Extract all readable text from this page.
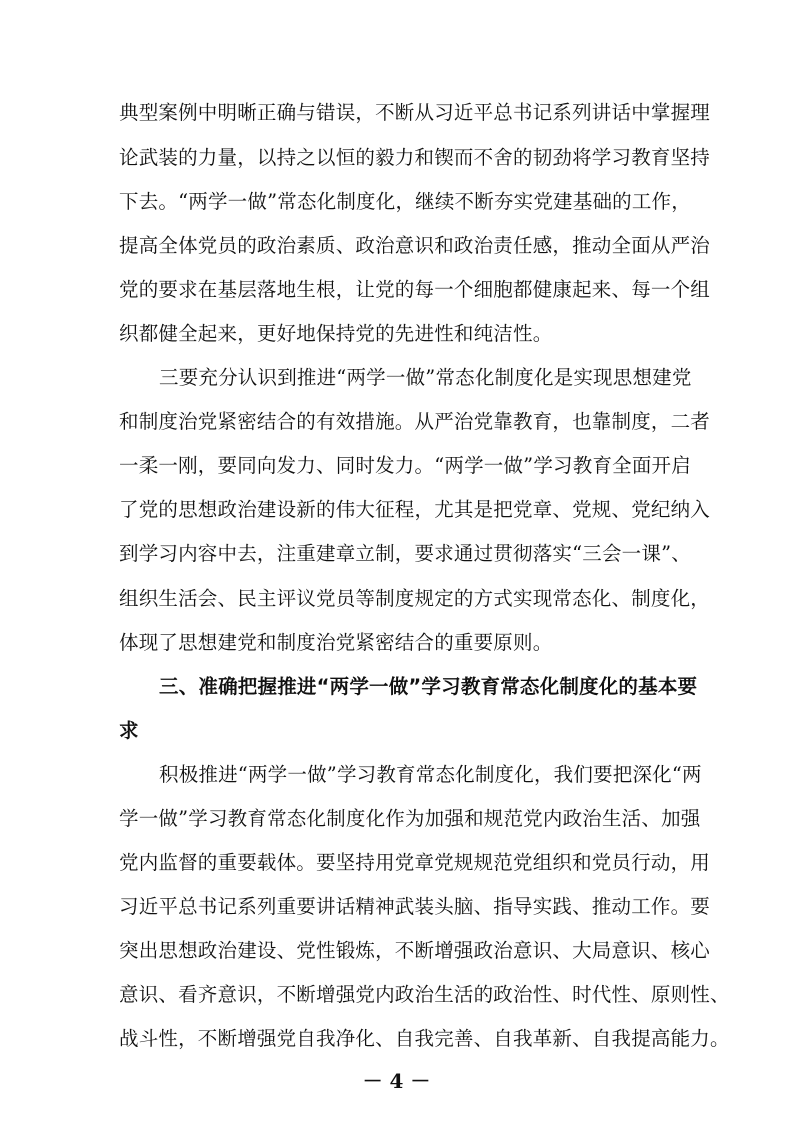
典型案例中明晰正确与错误，不断从习近平总书记系列讲话中掌握理
论武装的力量，以持之以恒的毅力和锲而不舍的韧劲将学习教育坚持
下去。“两学一做”常态化制度化，继续不断夯实党建基础的工作，
提高全体党员的政治素质、政治意识和政治责任感，推动全面从严治
党的要求在基层落地生根，让党的每一个细胞都健康起来、每一个组
织都健全起来，更好地保持党的先进性和纯洁性。
三要充分认识到推进“两学一做”常态化制度化是实现思想建党
和制度治党紧密结合的有效措施。从严治党靠教育，也靠制度，二者
一柔一刚，要同向发力、同时发力。“两学一做”学习教育全面开启
了党的思想政治建设新的伟大征程，尤其是把党章、党规、党纪纳入
到学习内容中去，注重建章立制，要求通过贯彻落实“三会一课”、
组织生活会、民主评议党员等制度规定的方式实现常态化、制度化，
体现了思想建党和制度治党紧密结合的重要原则。
三、准确把握推进“两学一做”学习教育常态化制度化的基本要
求
积极推进“两学一做”学习教育常态化制度化，我们要把深化“两
学一做”学习教育常态化制度化作为加强和规范党内政治生活、加强
党内监督的重要载体。要坚持用党章党规规范党组织和党员行动，用
习近平总书记系列重要讲话精神武装头脑、指导实践、推动工作。要
突出思想政治建设、党性锻炼，不断增强政治意识、大局意识、核心
意识、看齐意识，不断增强党内政治生活的政治性、时代性、原则性、
战斗性，不断增强党自我净化、自我完善、自我革新、自我提高能力。
－ 4 －
